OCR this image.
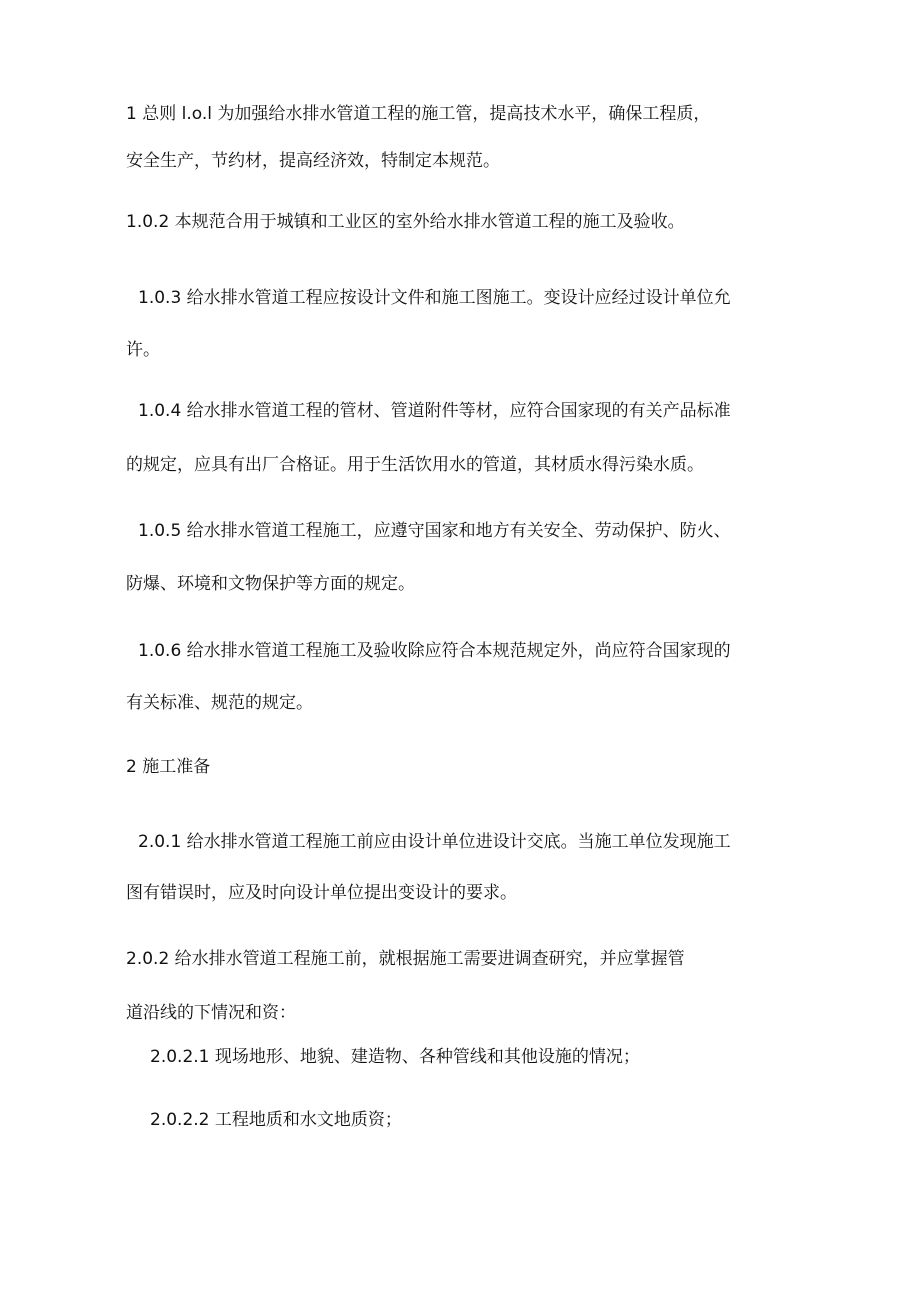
1 总则 l.o.l 为加强给水排水管道工程的施工管，提高技术水平，确保工程质，
安全生产，节约材，提高经济效，特制定本规范。
1.0.2 本规范合用于城镇和工业区的室外给水排水管道工程的施工及验收。
1.0.3 给水排水管道工程应按设计文件和施工图施工。变设计应经过设计单位允
许。
1.0.4 给水排水管道工程的管材、管道附件等材，应符合国家现的有关产品标准
的规定，应具有出厂合格证。用于生活饮用水的管道，其材质水得污染水质。
1.0.5 给水排水管道工程施工，应遵守国家和地方有关安全、劳动保护、防火、
防爆、环境和文物保护等方面的规定。
1.0.6 给水排水管道工程施工及验收除应符合本规范规定外，尚应符合国家现的
有关标准、规范的规定。
2 施工准备
2.0.1 给水排水管道工程施工前应由设计单位进设计交底。当施工单位发现施工
图有错误时，应及时向设计单位提出变设计的要求。
2.0.2 给水排水管道工程施工前，就根据施工需要进调查研究，并应掌握管
道沿线的下情况和资：
2.0.2.1 现场地形、地貌、建造物、各种管线和其他设施的情况；
2.0.2.2 工程地质和水文地质资；
